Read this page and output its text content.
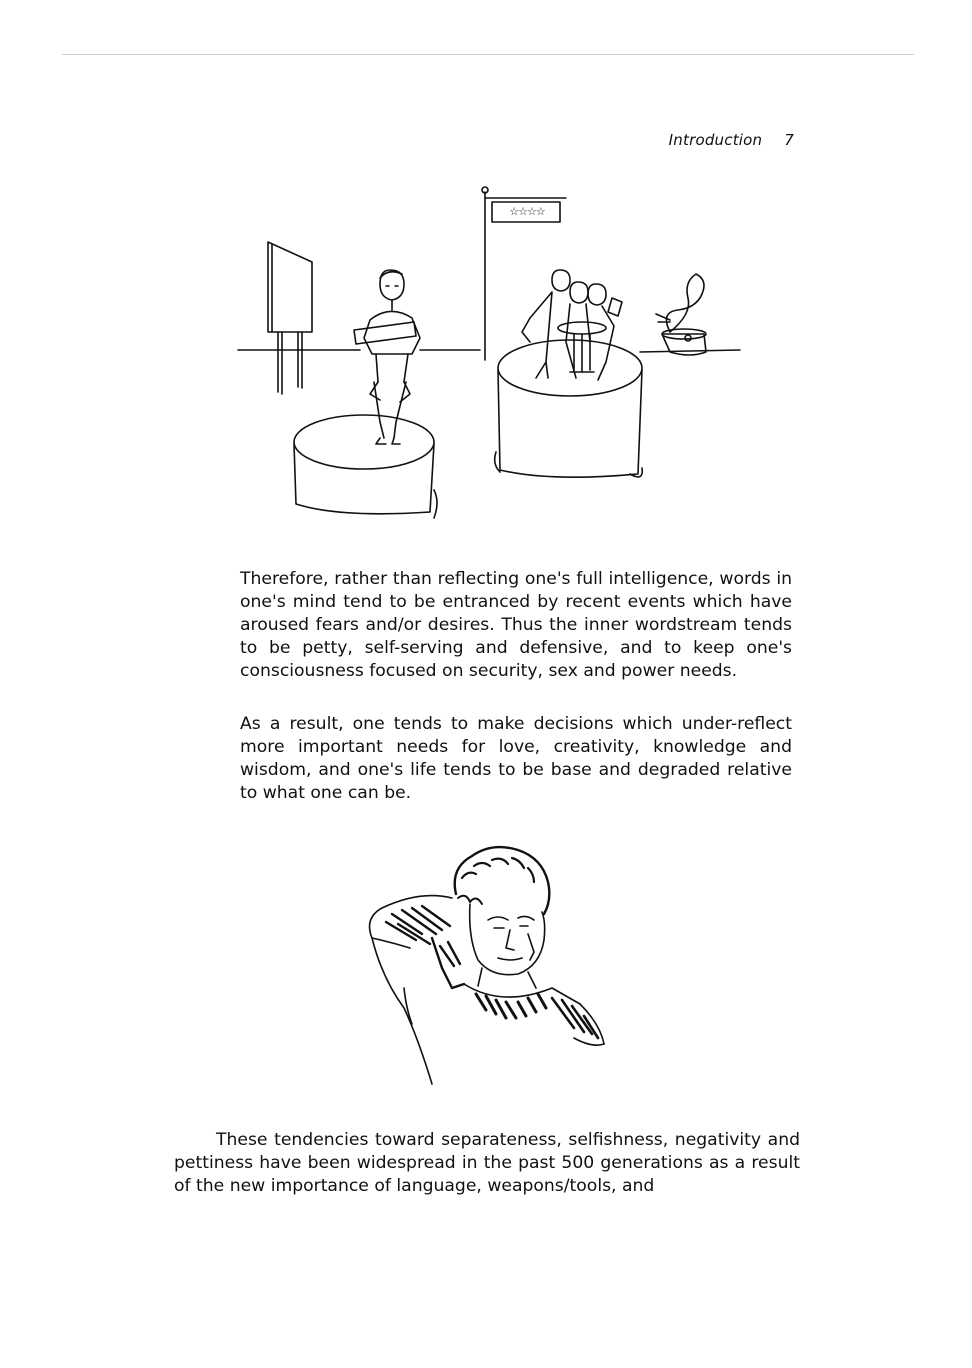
Introduction 7
☆☆☆☆

Therefore, rather than reflecting one's full intelligence, words in one's mind tend to be entranced by recent events which have aroused fears and/or desires. Thus the inner wordstream tends to be petty, self-serving and defensive, and to keep one's consciousness focused on security, sex and power needs.

As a result, one tends to make decisions which under-reflect more important needs for love, creativity, knowledge and wisdom, and one's life tends to be base and degraded relative to what one can be.

These tendencies toward separateness, selfishness, negativity and pettiness have been widespread in the past 500 generations as a result of the new importance of language, weapons/tools, and
